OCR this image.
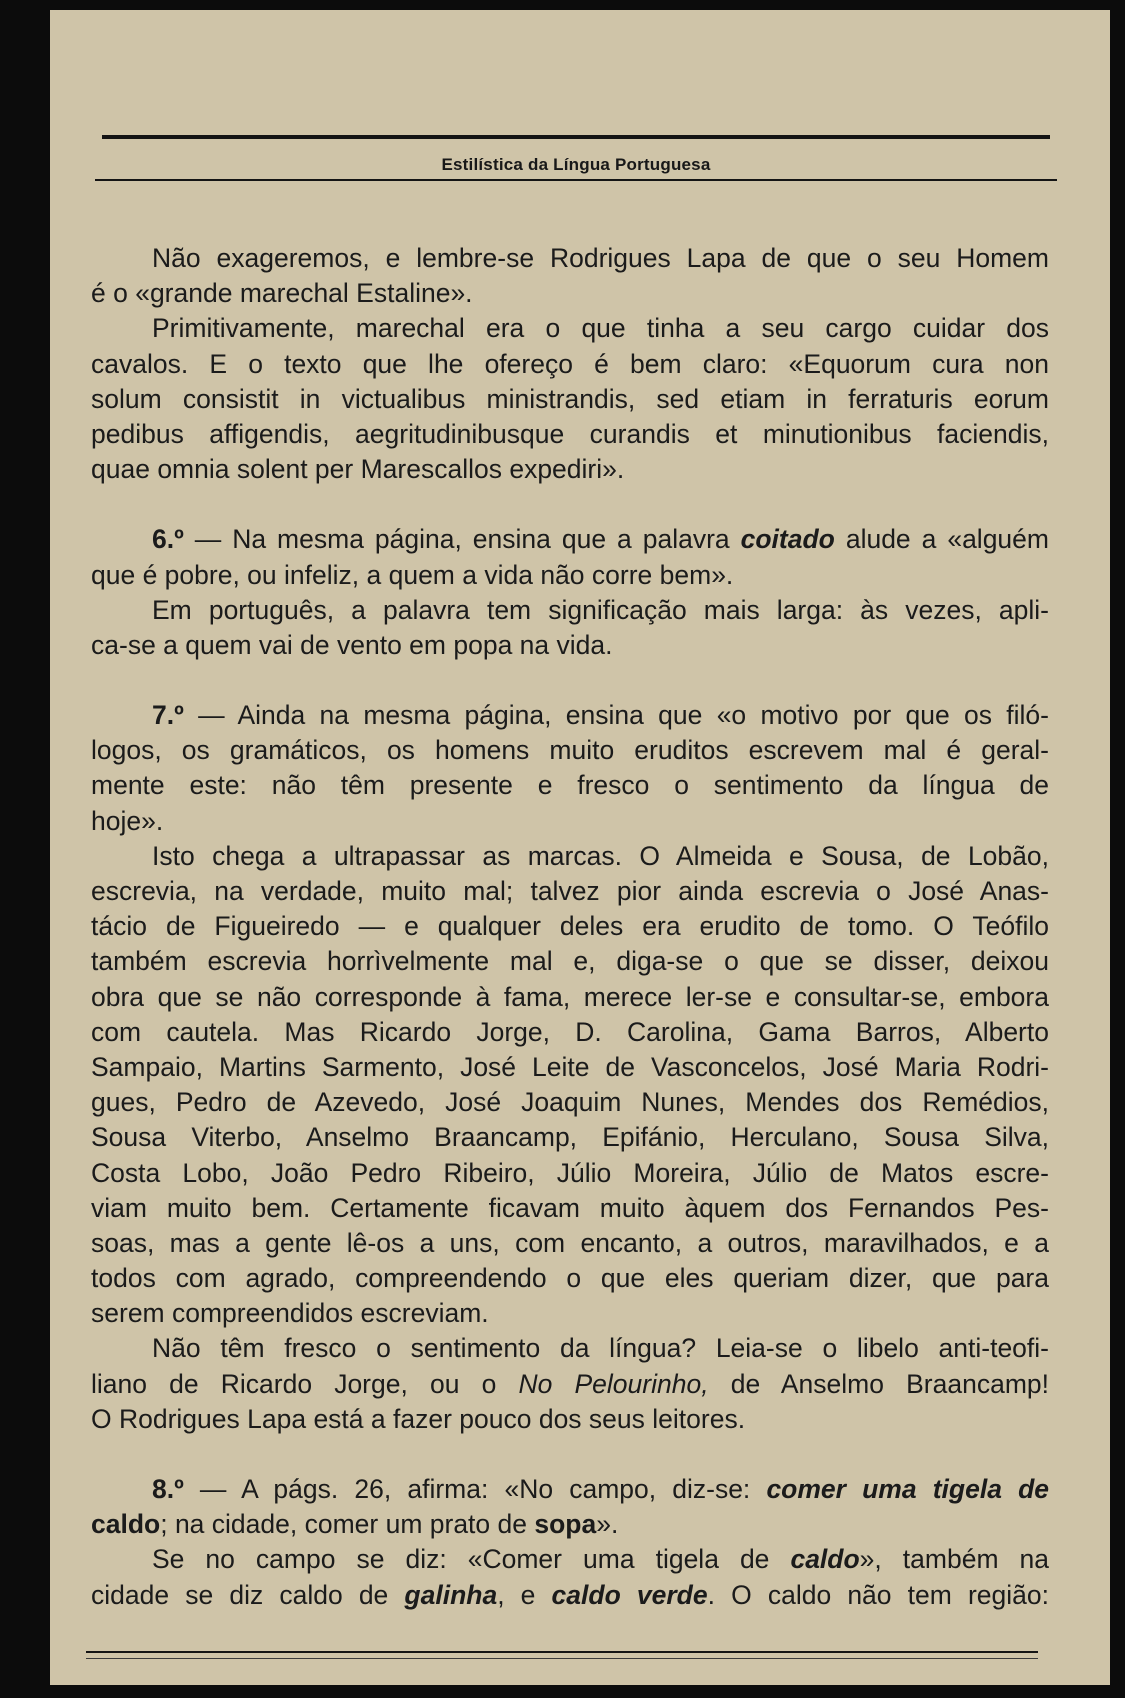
Estilística da Língua Portuguesa
Não exageremos, e lembre-se Rodrigues Lapa de que o seu Homem
é o «grande marechal Estaline».
Primitivamente, marechal era o que tinha a seu cargo cuidar dos
cavalos. E o texto que lhe ofereço é bem claro: «Equorum cura non
solum consistit in victualibus ministrandis, sed etiam in ferraturis eorum
pedibus affigendis, aegritudinibusque curandis et minutionibus faciendis,
quae omnia solent per Marescallos expediri».
6.º — Na mesma página, ensina que a palavra coitado alude a «alguém
que é pobre, ou infeliz, a quem a vida não corre bem».
Em português, a palavra tem significação mais larga: às vezes, apli-
ca-se a quem vai de vento em popa na vida.
7.º — Ainda na mesma página, ensina que «o motivo por que os filó-
logos, os gramáticos, os homens muito eruditos escrevem mal é geral-
mente este: não têm presente e fresco o sentimento da língua de
hoje».
Isto chega a ultrapassar as marcas. O Almeida e Sousa, de Lobão,
escrevia, na verdade, muito mal; talvez pior ainda escrevia o José Anas-
tácio de Figueiredo — e qualquer deles era erudito de tomo. O Teófilo
também escrevia horrìvelmente mal e, diga-se o que se disser, deixou
obra que se não corresponde à fama, merece ler-se e consultar-se, embora
com cautela. Mas Ricardo Jorge, D. Carolina, Gama Barros, Alberto
Sampaio, Martins Sarmento, José Leite de Vasconcelos, José Maria Rodri-
gues, Pedro de Azevedo, José Joaquim Nunes, Mendes dos Remédios,
Sousa Viterbo, Anselmo Braancamp, Epifánio, Herculano, Sousa Silva,
Costa Lobo, João Pedro Ribeiro, Júlio Moreira, Júlio de Matos escre-
viam muito bem. Certamente ficavam muito àquem dos Fernandos Pes-
soas, mas a gente lê-os a uns, com encanto, a outros, maravilhados, e a
todos com agrado, compreendendo o que eles queriam dizer, que para
serem compreendidos escreviam.
Não têm fresco o sentimento da língua? Leia-se o libelo anti-teofi-
liano de Ricardo Jorge, ou o No Pelourinho, de Anselmo Braancamp!
O Rodrigues Lapa está a fazer pouco dos seus leitores.
8.º — A págs. 26, afirma: «No campo, diz-se: comer uma tigela de
caldo; na cidade, comer um prato de sopa».
Se no campo se diz: «Comer uma tigela de caldo», também na
cidade se diz caldo de galinha, e caldo verde. O caldo não tem região:
